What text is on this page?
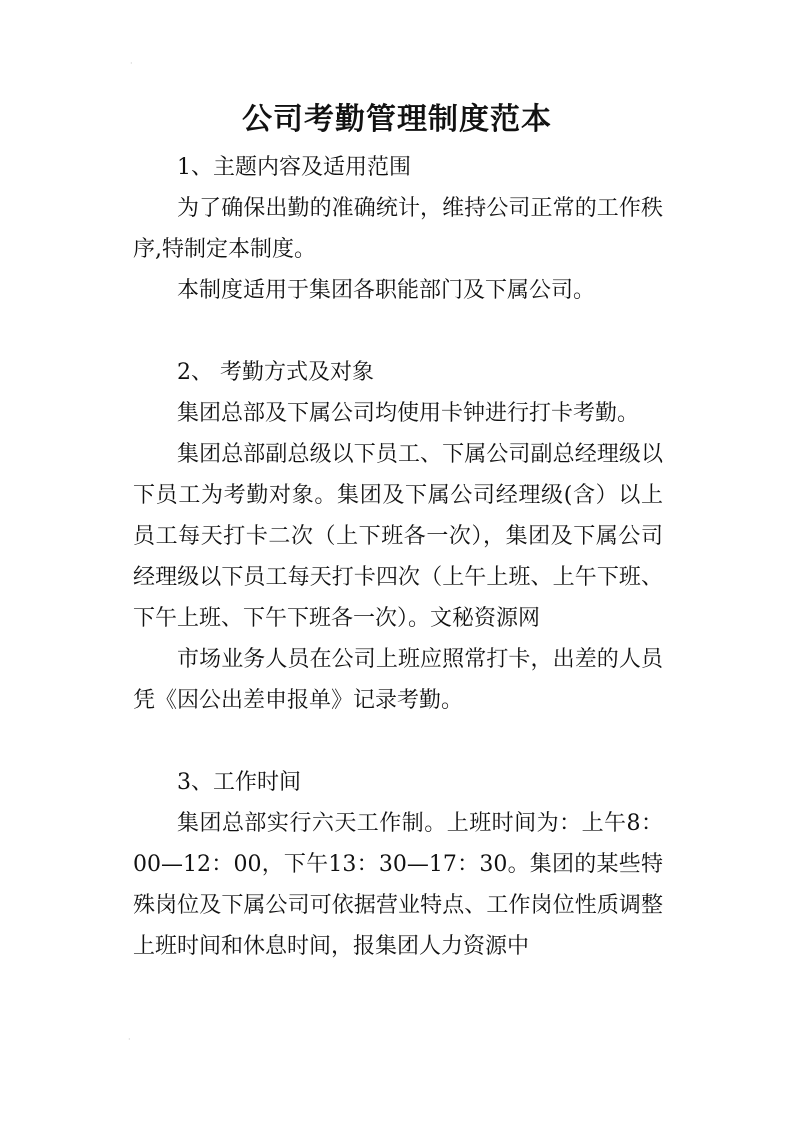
·
公司考勤管理制度范本

1、主题内容及适用范围

为了确保出勤的准确统计，维持公司正常的工作秩序,特制定本制度。

本制度适用于集团各职能部门及下属公司。

2、 考勤方式及对象

集团总部及下属公司均使用卡钟进行打卡考勤。

集团总部副总级以下员工、下属公司副总经理级以下员工为考勤对象。集团及下属公司经理级(含）以上员工每天打卡二次（上下班各一次），集团及下属公司经理级以下员工每天打卡四次（上午上班、上午下班、下午上班、下午下班各一次）。文秘资源网

市场业务人员在公司上班应照常打卡，出差的人员凭《因公出差申报单》记录考勤。

3、工作时间

集团总部实行六天工作制。上班时间为：上午8：00—12：00，下午13：30—17：30。集团的某些特殊岗位及下属公司可依据营业特点、工作岗位性质调整上班时间和休息时间，报集团人力资源中

·
